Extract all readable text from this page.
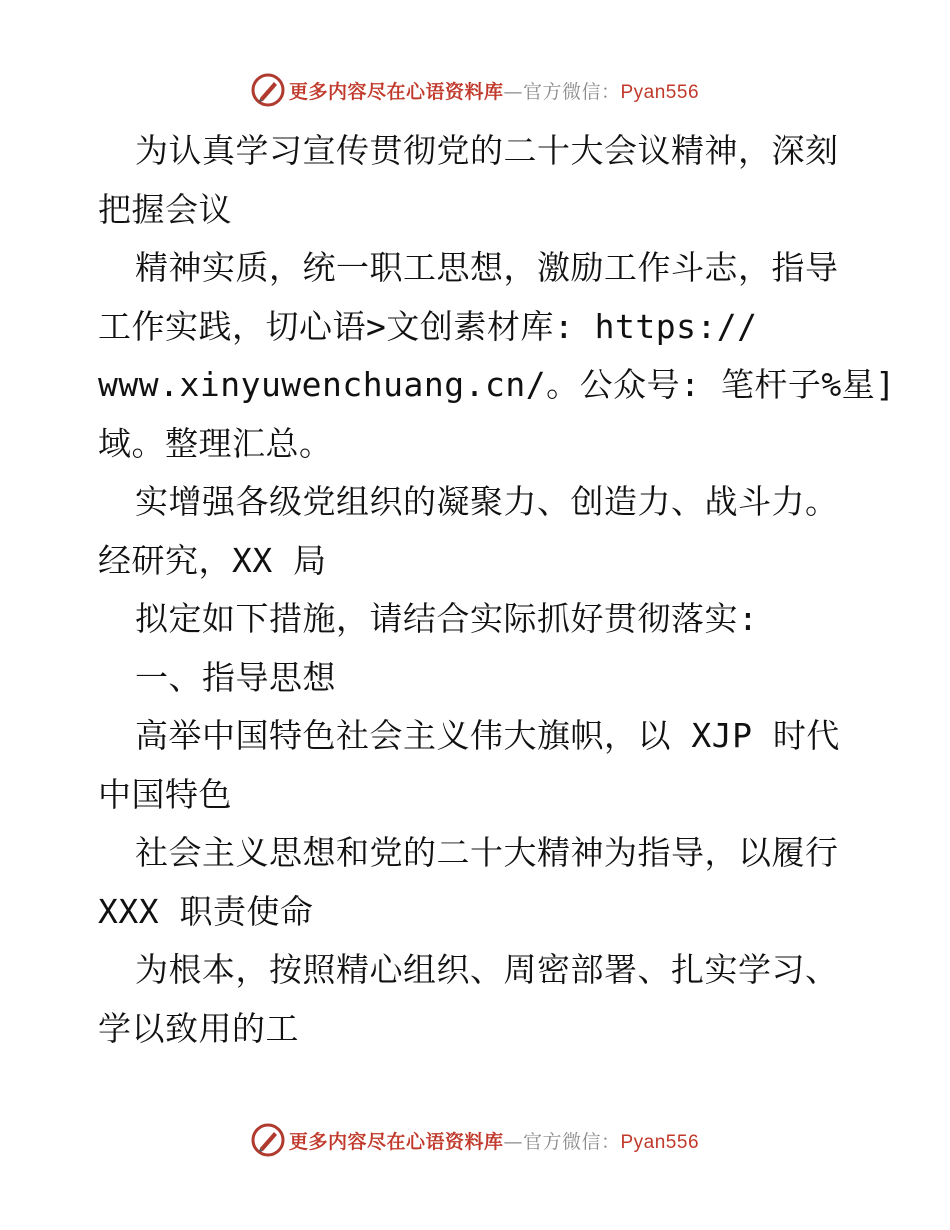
更多内容尽在心语资料库—官方微信：Pyan556
为认真学习宣传贯彻党的二十大会议精神，深刻
把握会议
精神实质，统一职工思想，激励工作斗志，指导
工作实践，切心语>文创素材库: https://
www.xinyuwenchuang.cn/。公众号: 笔杆子%星]
域。整理汇总。
实增强各级党组织的凝聚力、创造力、战斗力。
经研究，XX 局
拟定如下措施，请结合实际抓好贯彻落实:
一、指导思想
高举中国特色社会主义伟大旗帜，以 XJP 时代
中国特色
社会主义思想和党的二十大精神为指导，以履行
XXX 职责使命
为根本，按照精心组织、周密部署、扎实学习、
学以致用的工
更多内容尽在心语资料库—官方微信：Pyan556
